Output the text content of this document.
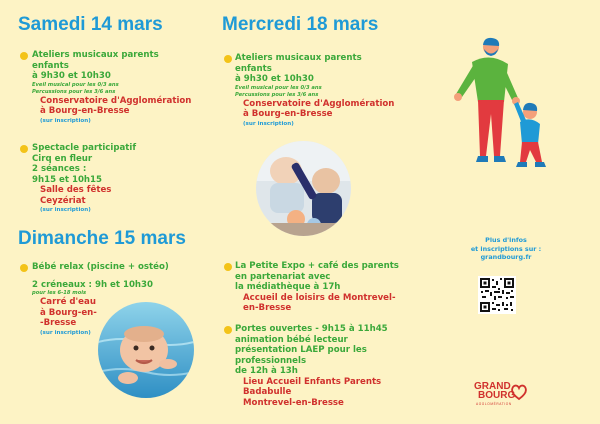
Samedi 14 mars
Ateliers musicaux parents
enfants
à 9h30 et 10h30
Eveil musical pour les 0/3 ans
Percussions pour les 3/6 ans
Conservatoire d'Agglomération
à Bourg-en-Bresse
(sur inscription)
Spectacle participatif
Cirq en fleur
2 séances :
9h15 et 10h15
Salle des fêtes
Ceyzériat
(sur inscription)
Dimanche 15 mars
Bébé relax (piscine + ostéo)
2 créneaux : 9h et 10h30
pour les 6-18 mois
Carré d'eau
à Bourg-en-
-Bresse
(sur inscription)
Mercredi 18 mars
Ateliers musicaux parents
enfants
à 9h30 et 10h30
Eveil musical pour les 0/3 ans
Percussions pour les 3/6 ans
Conservatoire d'Agglomération
à Bourg-en-Bresse
(sur inscription)
La Petite Expo + café des parents
en partenariat avec
la médiathèque à 17h
Accueil de loisirs de Montrevel-
en-Bresse
Portes ouvertes - 9h15 à 11h45
animation bébé lecteur
présentation LAEP pour les
professionnels
de 12h à 13h
Lieu Accueil Enfants Parents
Badabulle
Montrevel-en-Bresse
Plus d'infos
et inscriptions sur :
grandbourg.fr
GRAND
BOURG
AGGLOMÉRATION
